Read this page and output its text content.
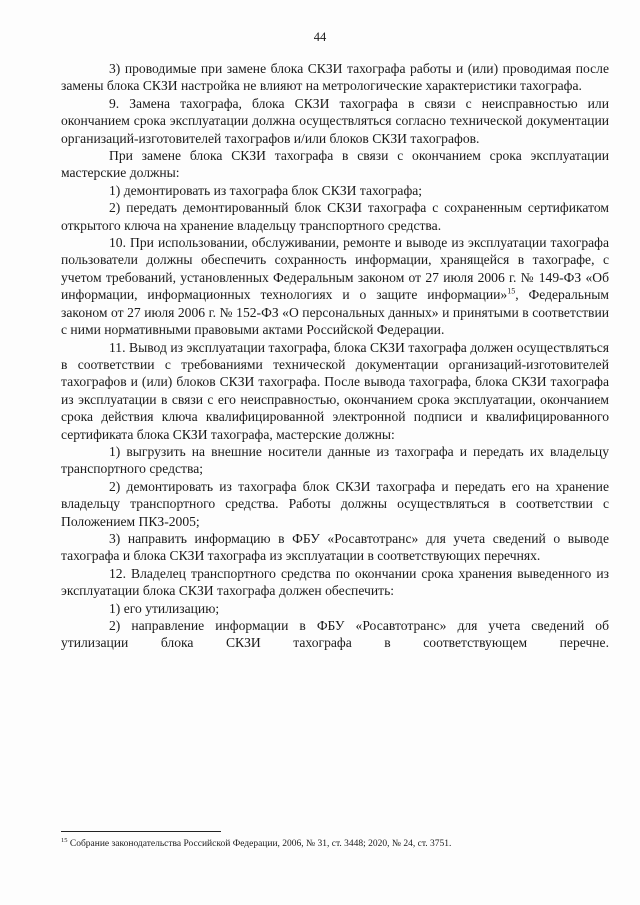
44

3) проводимые при замене блока СКЗИ тахографа работы и (или) проводимая после замены блока СКЗИ настройка не влияют на метрологические характеристики тахографа.

9. Замена тахографа, блока СКЗИ тахографа в связи с неисправностью или окончанием срока эксплуатации должна осуществляться согласно технической документации организаций-изготовителей тахографов и/или блоков СКЗИ тахографов.

При замене блока СКЗИ тахографа в связи с окончанием срока эксплуатации мастерские должны:

1) демонтировать из тахографа блок СКЗИ тахографа;

2) передать демонтированный блок СКЗИ тахографа с сохраненным сертификатом открытого ключа на хранение владельцу транспортного средства.

10. При использовании, обслуживании, ремонте и выводе из эксплуатации тахографа пользователи должны обеспечить сохранность информации, хранящейся в тахографе, с учетом требований, установленных Федеральным законом от 27 июля 2006 г. № 149-ФЗ «Об информации, информационных технологиях и о защите информации»$^{15}$, Федеральным законом от 27 июля 2006 г. № 152-ФЗ «О персональных данных» и принятыми в соответствии с ними нормативными правовыми актами Российской Федерации.

11. Вывод из эксплуатации тахографа, блока СКЗИ тахографа должен осуществляться в соответствии с требованиями технической документации организаций-изготовителей тахографов и (или) блоков СКЗИ тахографа. После вывода тахографа, блока СКЗИ тахографа из эксплуатации в связи с его неисправностью, окончанием срока эксплуатации, окончанием срока действия ключа квалифицированной электронной подписи и квалифицированного сертификата блока СКЗИ тахографа, мастерские должны:

1) выгрузить на внешние носители данные из тахографа и передать их владельцу транспортного средства;

2) демонтировать из тахографа блок СКЗИ тахографа и передать его на хранение владельцу транспортного средства. Работы должны осуществляться в соответствии с Положением ПКЗ-2005;

3) направить информацию в ФБУ «Росавтотранс» для учета сведений о выводе тахографа и блока СКЗИ тахографа из эксплуатации в соответствующих перечнях.

12. Владелец транспортного средства по окончании срока хранения выведенного из эксплуатации блока СКЗИ тахографа должен обеспечить:

1) его утилизацию;

2) направление информации в ФБУ «Росавтотранс» для учета сведений об утилизации блока СКЗИ тахографа в соответствующем перечне.

$^{15}$ Собрание законодательства Российской Федерации, 2006, № 31, ст. 3448; 2020, № 24, ст. 3751.
